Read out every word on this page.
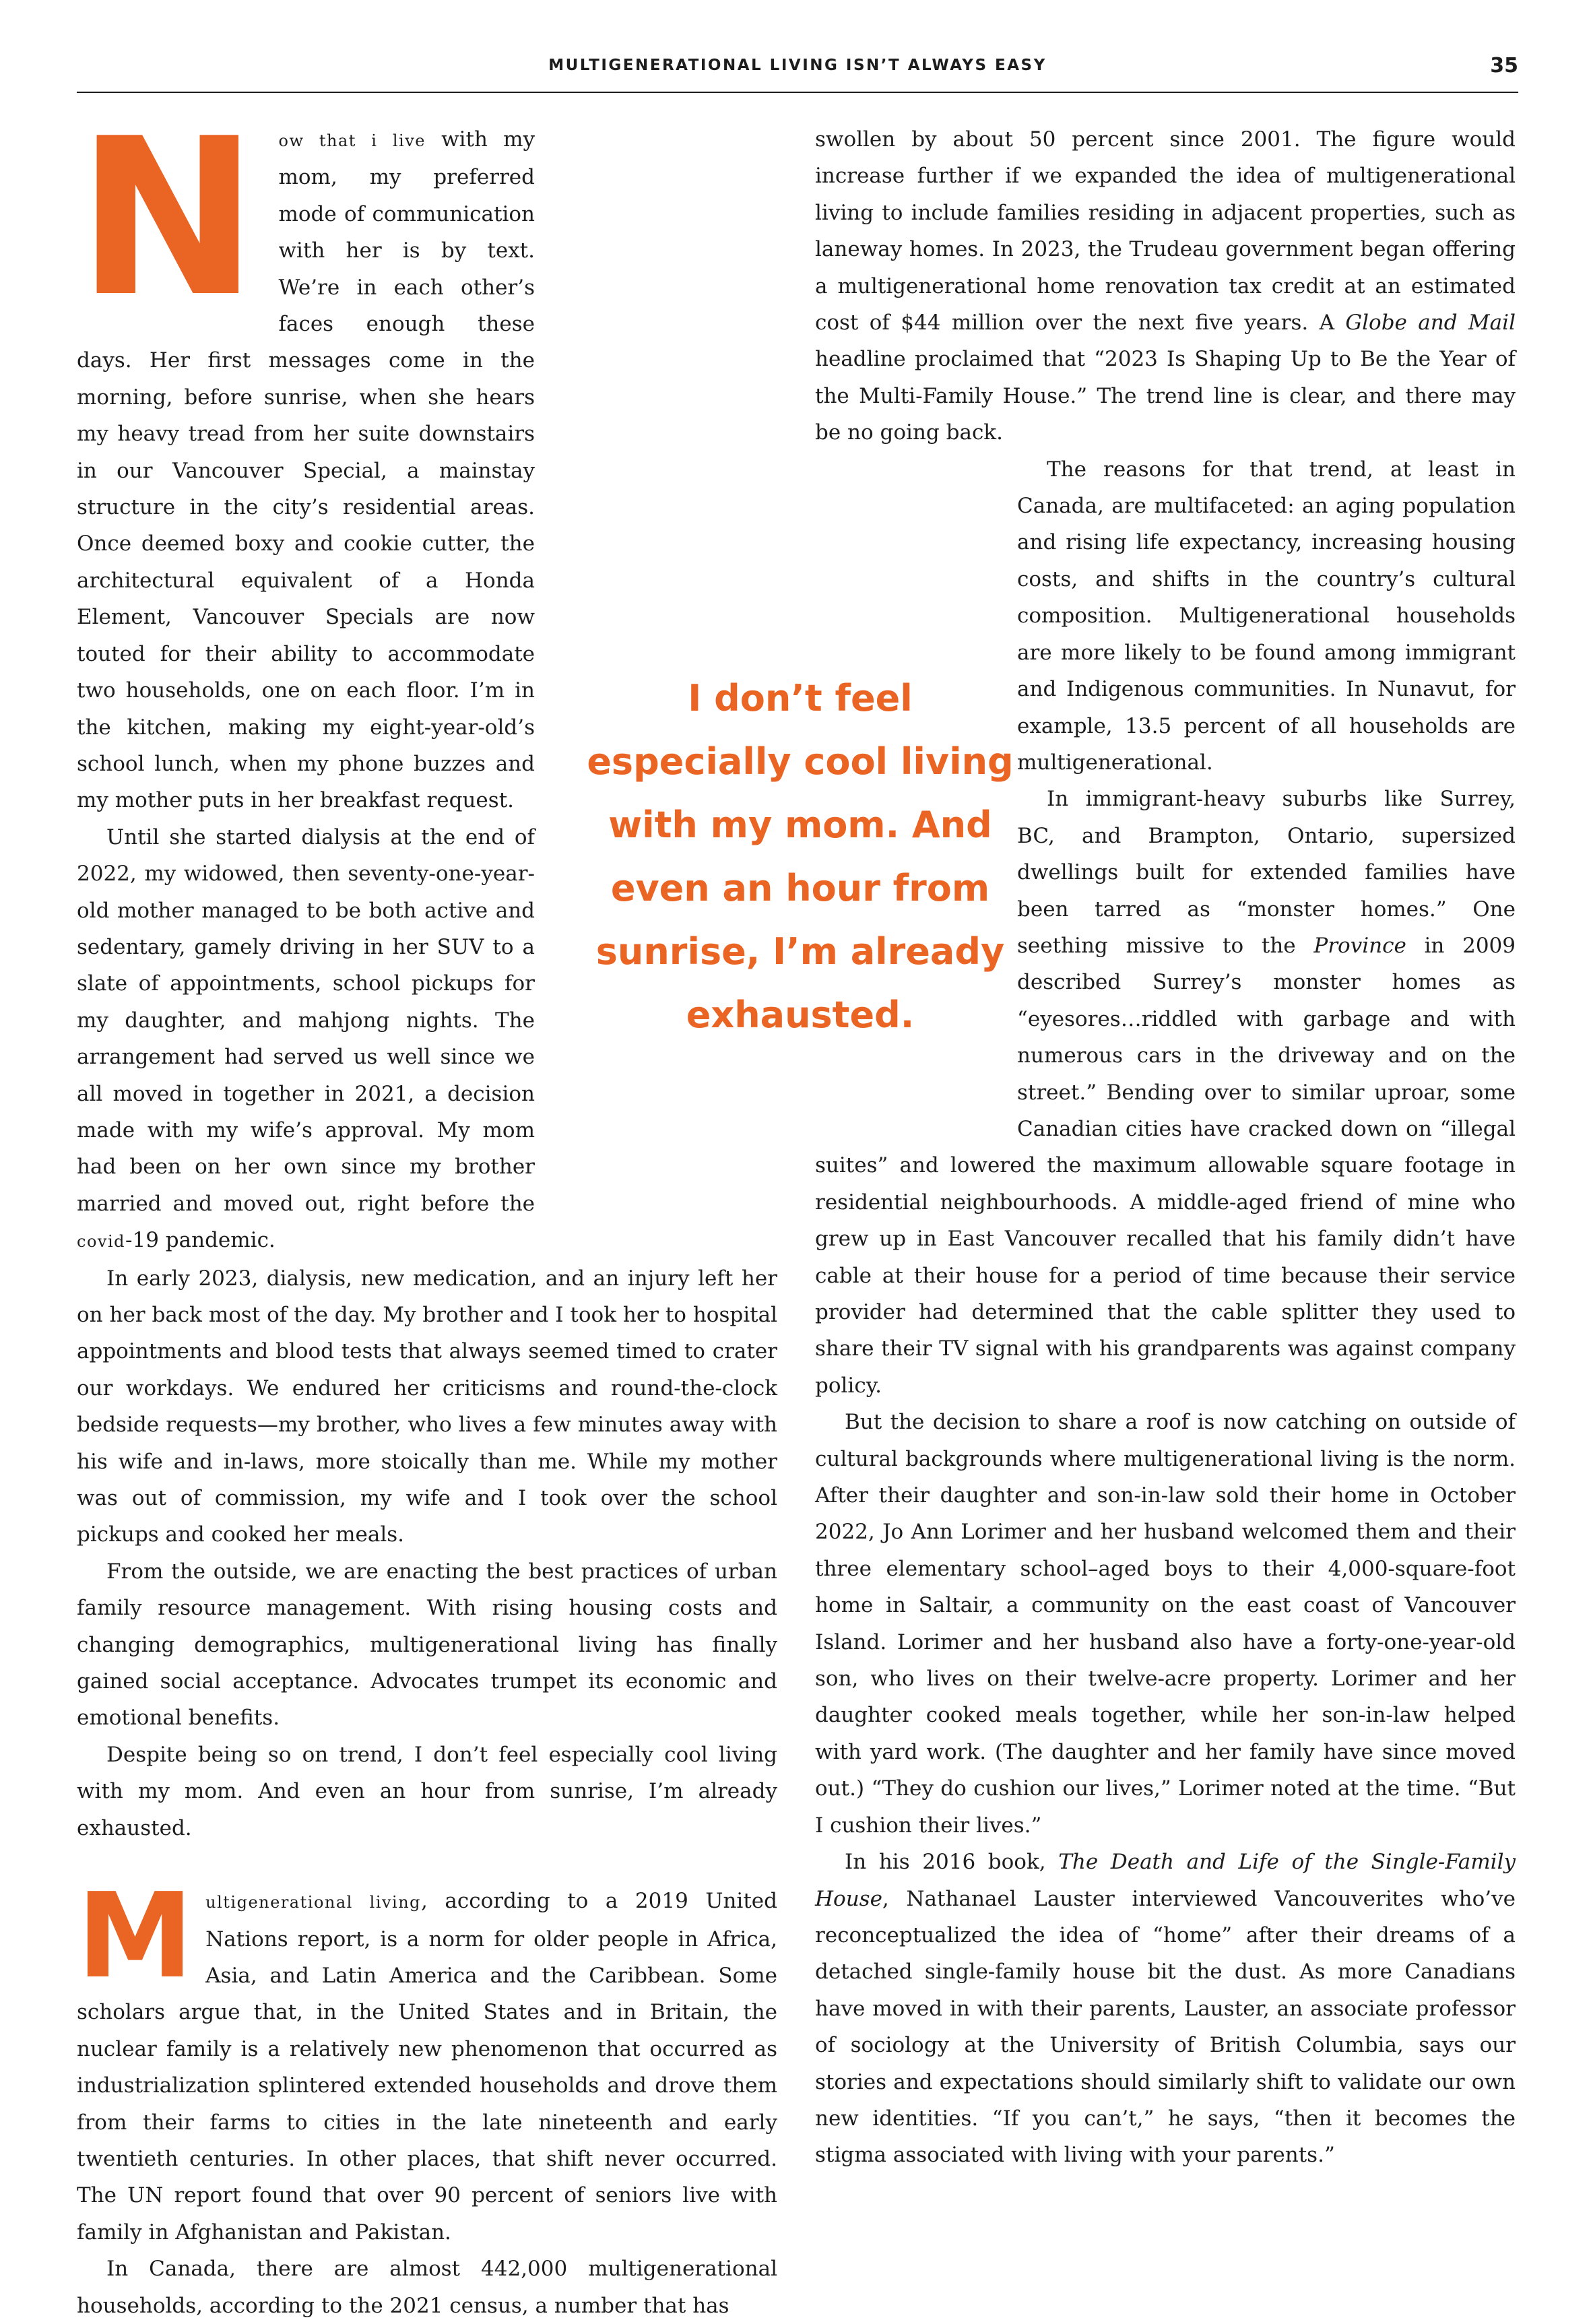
MULTIGENERATIONAL LIVING ISN’T ALWAYS EASY	35

N ow that i live with my mom, my preferred mode of communication with her is by text. We’re in each other’s faces enough these days. Her first messages come in the morning, before sunrise, when she hears my heavy tread from her suite downstairs in our Vancouver Special, a mainstay structure in the city’s residential areas. Once deemed boxy and cookie cutter, the architectural equivalent of a Honda Element, Vancouver Specials are now touted for their ability to accommodate two households, one on each floor. I’m in the kitchen, making my eight-year-old’s school lunch, when my phone buzzes and my mother puts in her breakfast request.

Until she started dialysis at the end of 2022, my widowed, then seventy-one-year-old mother managed to be both active and sedentary, gamely driving in her SUV to a slate of appointments, school pickups for my daughter, and mahjong nights. The arrangement had served us well since we all moved in together in 2021, a decision made with my wife’s approval. My mom had been on her own since my brother married and moved out, right before the covid-19 pandemic.

In early 2023, dialysis, new medication, and an injury left her on her back most of the day. My brother and I took her to hospital appointments and blood tests that always seemed timed to crater our workdays. We endured her criticisms and round-the-clock bedside requests—my brother, who lives a few minutes away with his wife and in-laws, more stoically than me. While my mother was out of commission, my wife and I took over the school pickups and cooked her meals.

From the outside, we are enacting the best practices of urban family resource management. With rising housing costs and changing demographics, multigenerational living has finally gained social acceptance. Advocates trumpet its economic and emotional benefits.

Despite being so on trend, I don’t feel especially cool living with my mom. And even an hour from sunrise, I’m already exhausted.

Multigenerational living, according to a 2019 United Nations report, is a norm for older people in Africa, Asia, and Latin America and the Caribbean. Some scholars argue that, in the United States and in Britain, the nuclear family is a relatively new phenomenon that occurred as industrialization splintered extended households and drove them from their farms to cities in the late nineteenth and early twentieth centuries. In other places, that shift never occurred. The UN report found that over 90 percent of seniors live with family in Afghanistan and Pakistan.

In Canada, there are almost 442,000 multigenerational households, according to the 2021 census, a number that has

swollen by about 50 percent since 2001. The figure would increase further if we expanded the idea of multigenerational living to include families residing in adjacent properties, such as laneway homes. In 2023, the Trudeau government began offering a multigenerational home renovation tax credit at an estimated cost of $44 million over the next five years. A Globe and Mail headline proclaimed that “2023 Is Shaping Up to Be the Year of the Multi-Family House.” The trend line is clear, and there may be no going back.

The reasons for that trend, at least in Canada, are multifaceted: an aging population and rising life expectancy, increasing housing costs, and shifts in the country’s cultural composition. Multigenerational households are more likely to be found among immigrant and Indigenous communities. In Nunavut, for example, 13.5 percent of all households are multigenerational.

In immigrant-heavy suburbs like Surrey, BC, and Brampton, Ontario, supersized dwellings built for extended families have been tarred as “monster homes.” One seething missive to the Province in 2009 described Surrey’s monster homes as “eyesores…riddled with garbage and with numerous cars in the driveway and on the street.” Bending over to similar uproar, some Canadian cities have cracked down on “illegal suites” and lowered the maximum allowable square footage in residential neighbourhoods. A middle-aged friend of mine who grew up in East Vancouver recalled that his family didn’t have cable at their house for a period of time because their service provider had determined that the cable splitter they used to share their TV signal with his grandparents was against company policy.

But the decision to share a roof is now catching on outside of cultural backgrounds where multigenerational living is the norm. After their daughter and son-in-law sold their home in October 2022, Jo Ann Lorimer and her husband welcomed them and their three elementary school–aged boys to their 4,000-square-foot home in Saltair, a community on the east coast of Vancouver Island. Lorimer and her husband also have a forty-one-year-old son, who lives on their twelve-acre property. Lorimer and her daughter cooked meals together, while her son-in-law helped with yard work. (The daughter and her family have since moved out.) “They do cushion our lives,” Lorimer noted at the time. “But I cushion their lives.”

In his 2016 book, The Death and Life of the Single-Family House, Nathanael Lauster interviewed Vancouverites who’ve reconceptualized the idea of “home” after their dreams of a detached single-family house bit the dust. As more Canadians have moved in with their parents, Lauster, an associate professor of sociology at the University of British Columbia, says our stories and expectations should similarly shift to validate our own new identities. “If you can’t,” he says, “then it becomes the stigma associated with living with your parents.”

I don’t feel especially cool living with my mom. And even an hour from sunrise, I’m already exhausted.
